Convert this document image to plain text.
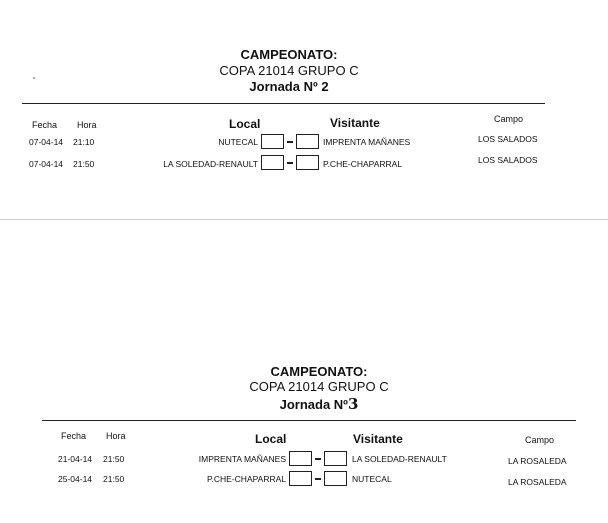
CAMPEONATO:
COPA 21014 GRUPO C
Jornada Nº 2
Fecha Hora	Local	Visitante	Campo
07-04-14 21:10	NUTECAL	IMPRENTA MAÑANES	LOS SALADOS
07-04-14 21:50	LA SOLEDAD-RENAULT	P.CHE-CHAPARRAL	LOS SALADOS
CAMPEONATO:
COPA 21014 GRUPO C
Jornada Nº3
Fecha Hora	Local	Visitante	Campo
21-04-14 21:50	IMPRENTA MAÑANES	LA SOLEDAD-RENAULT	LA ROSALEDA
25-04-14 21:50	P.CHE-CHAPARRAL	NUTECAL	LA ROSALEDA
